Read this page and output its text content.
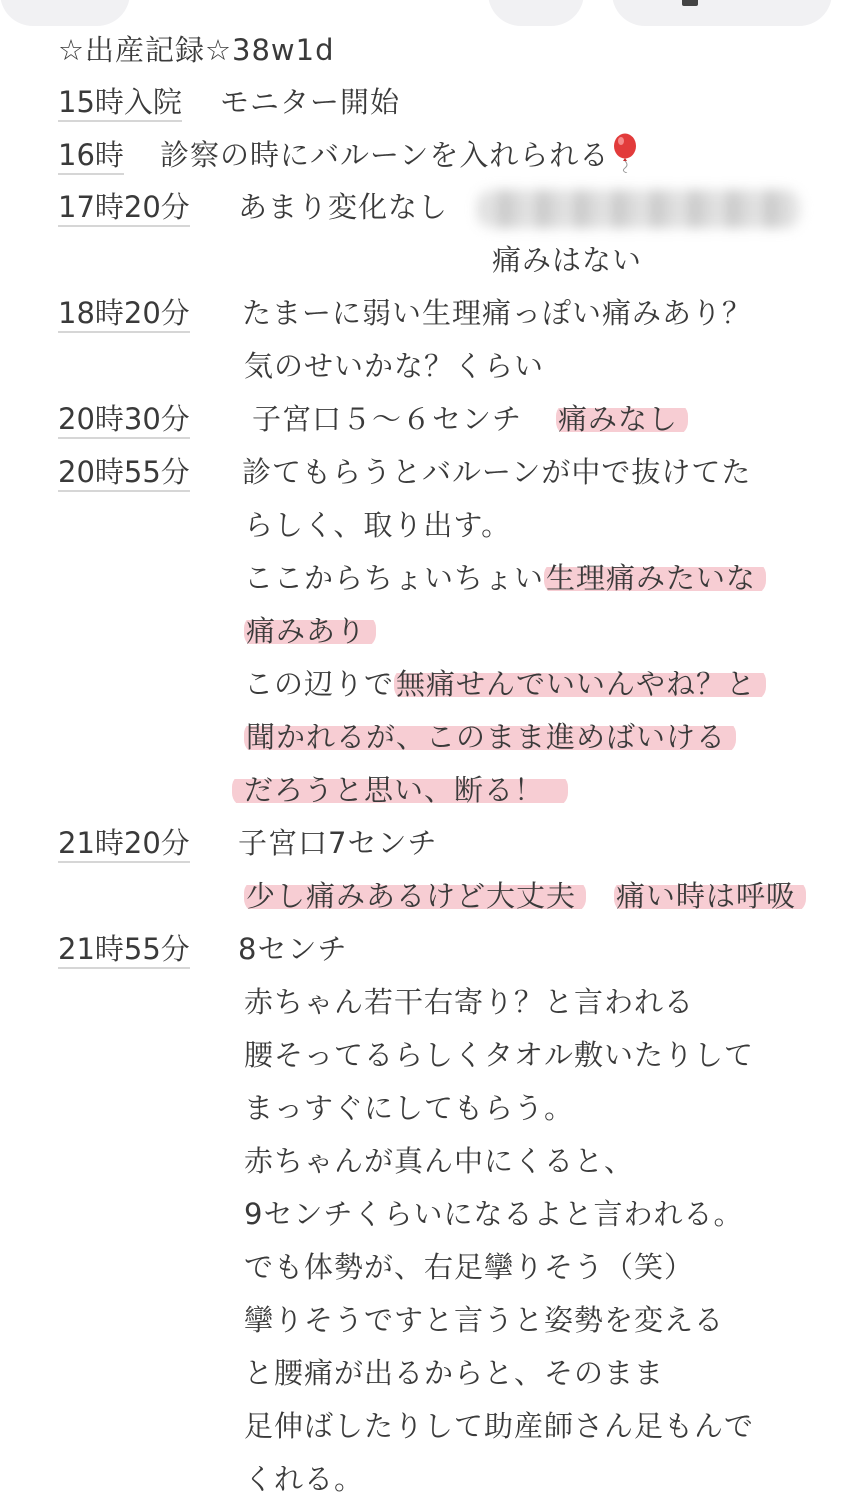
☆出産記録☆38w1d
15時入院 モニター開始
16時 診察の時にバルーンを入れられる
17時20分 あまり変化なし
痛みはない
18時20分 たまーに弱い生理痛っぽい痛みあり？
気のせいかな？くらい
20時30分 子宮口５～６センチ 痛みなし
20時55分 診てもらうとバルーンが中で抜けてた
らしく、取り出す。
ここからちょいちょい生理痛みたいな
痛みあり
この辺りで無痛せんでいいんやね？と
聞かれるが、このまま進めばいける
だろうと思い、断る！
21時20分 子宮口7センチ
少し痛みあるけど大丈夫	痛い時は呼吸
21時55分 8センチ
赤ちゃん若干右寄り？と言われる
腰そってるらしくタオル敷いたりして
まっすぐにしてもらう。
赤ちゃんが真ん中にくると、
9センチくらいになるよと言われる。
でも体勢が、右足攣りそう（笑）
攣りそうですと言うと姿勢を変える
と腰痛が出るからと、そのまま
足伸ばしたりして助産師さん足もんで
くれる。
